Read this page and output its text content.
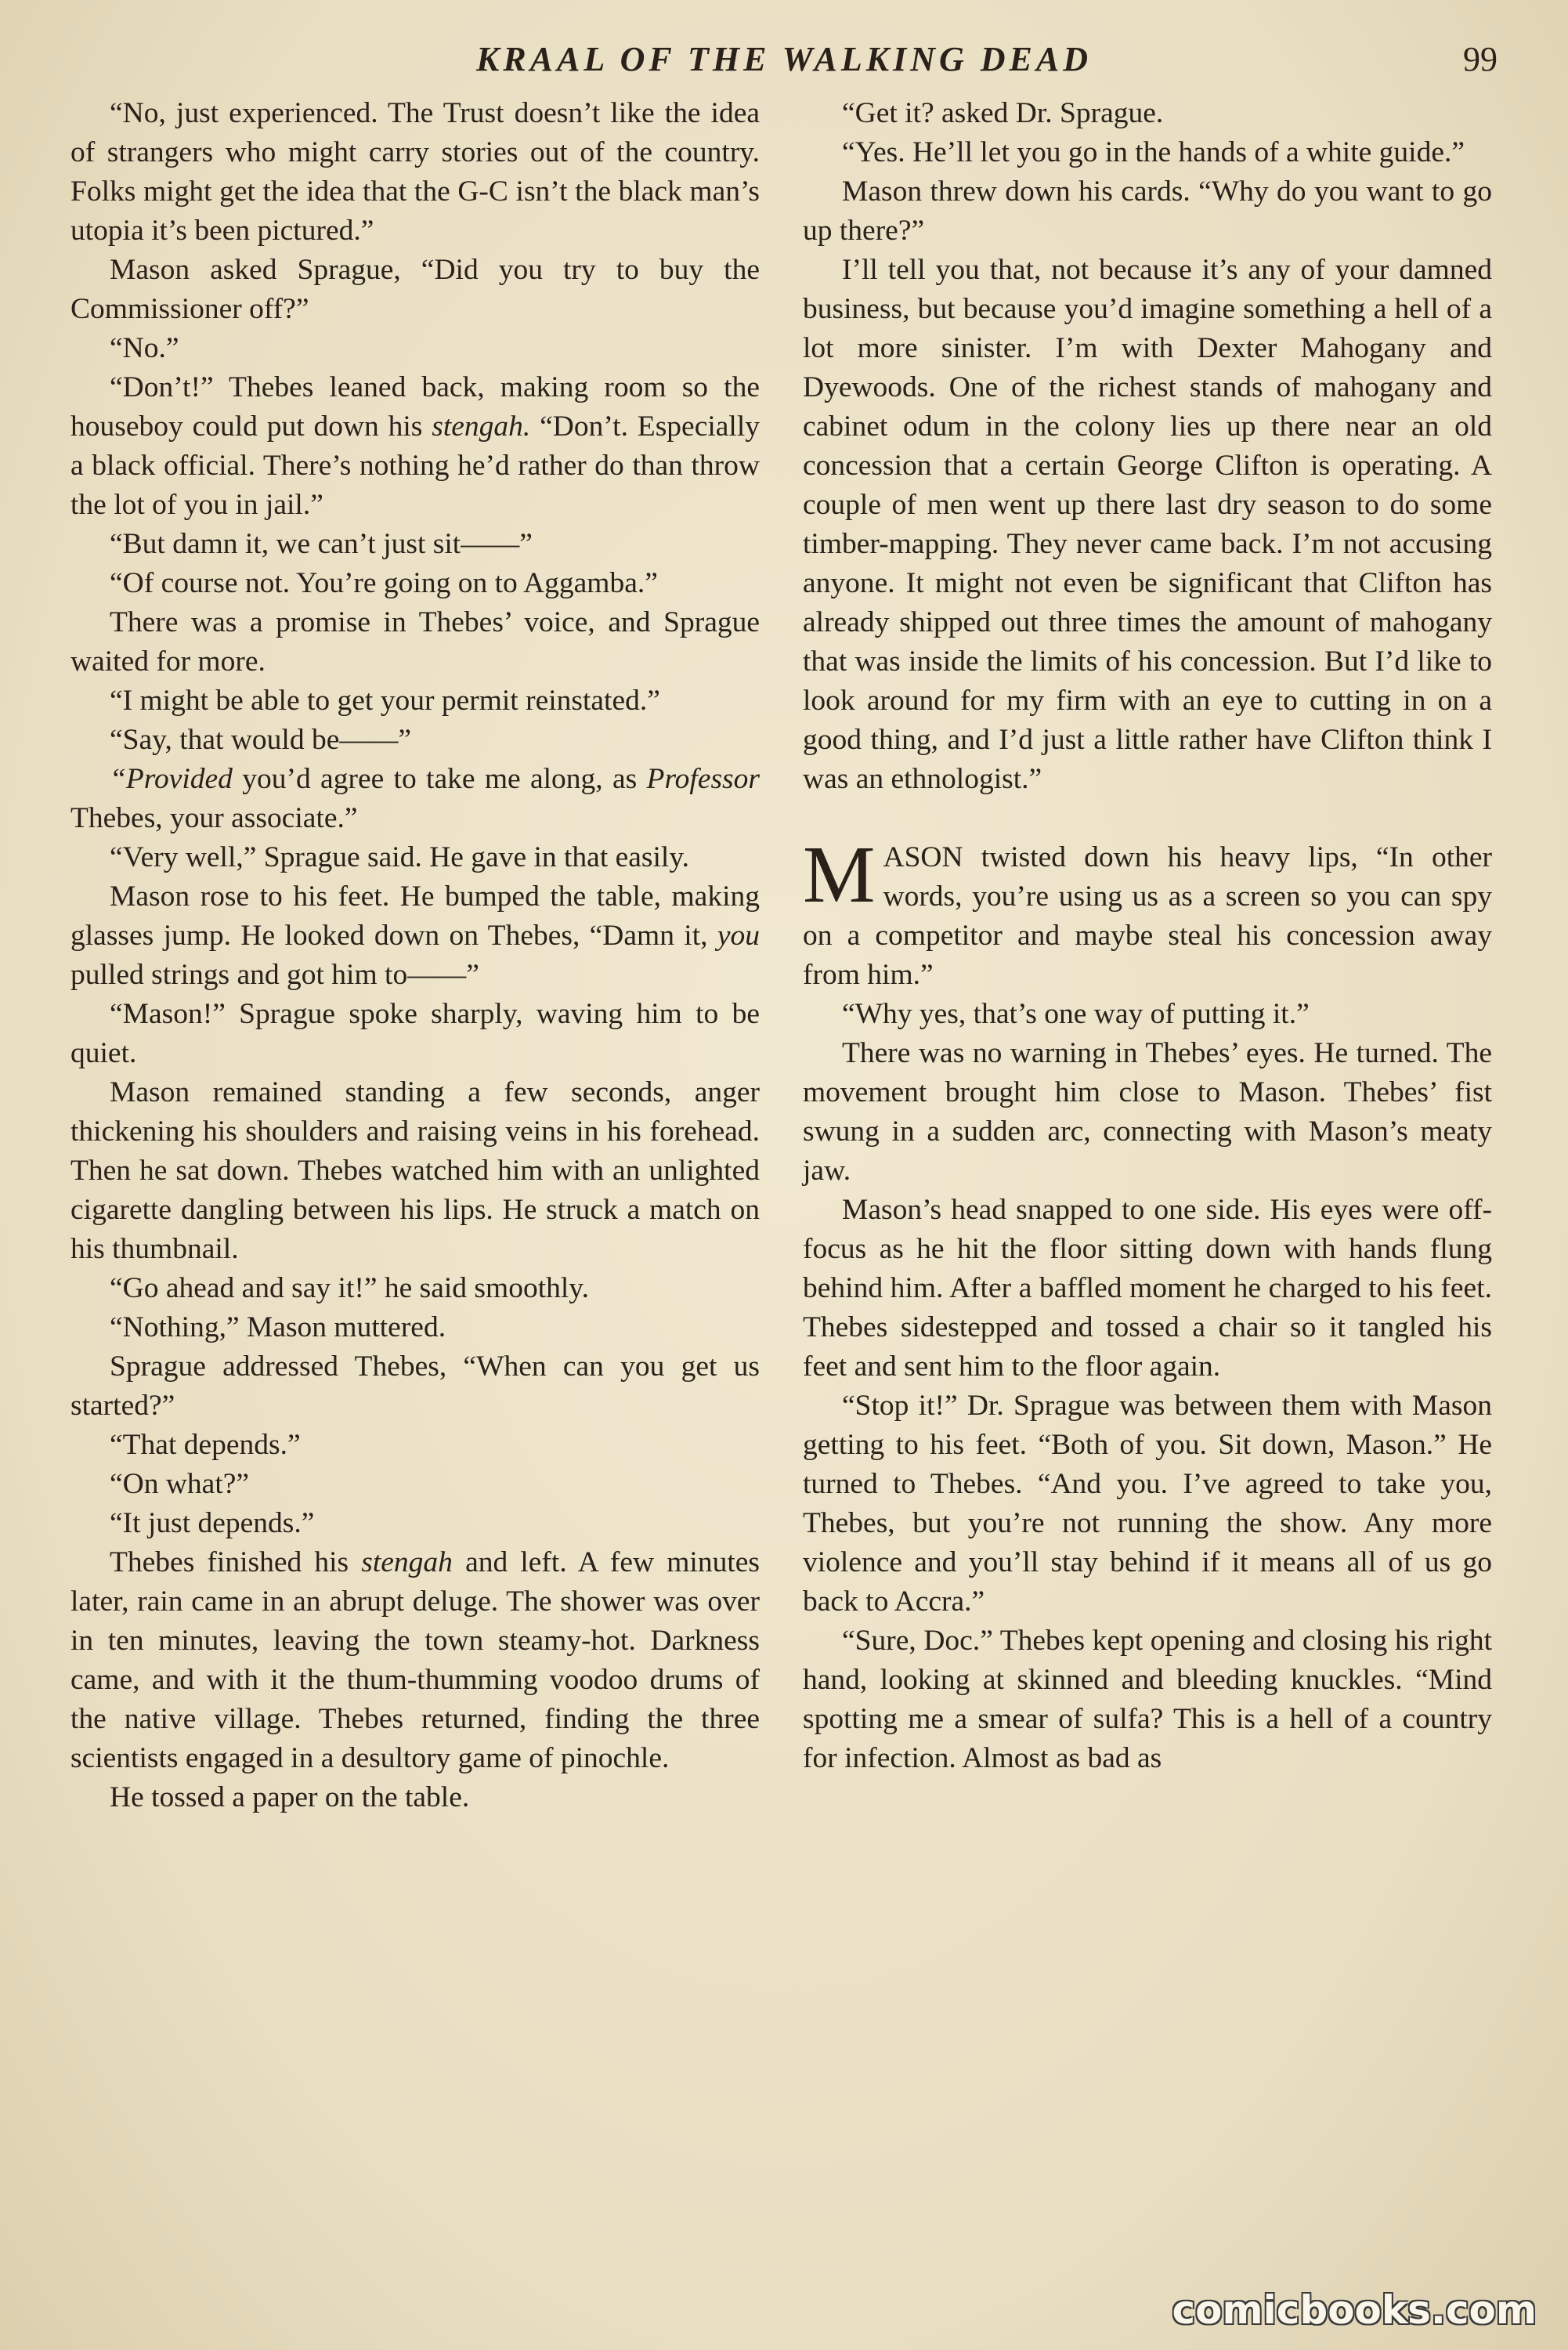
KRAAL OF THE WALKING DEAD	99

“No, just experienced. The Trust doesn’t like the idea of strangers who might carry stories out of the country. Folks might get the idea that the G-C isn’t the black man’s utopia it’s been pictured.”

Mason asked Sprague, “Did you try to buy the Commissioner off?”

“No.”

“Don’t!” Thebes leaned back, making room so the houseboy could put down his stengah. “Don’t. Especially a black official. There’s nothing he’d rather do than throw the lot of you in jail.”

“But damn it, we can’t just sit——”

“Of course not. You’re going on to Aggamba.”

There was a promise in Thebes’ voice, and Sprague waited for more.

“I might be able to get your permit reinstated.”

“Say, that would be——”

“Provided you’d agree to take me along, as Professor Thebes, your associate.”

“Very well,” Sprague said. He gave in that easily.

Mason rose to his feet. He bumped the table, making glasses jump. He looked down on Thebes, “Damn it, you pulled strings and got him to——”

“Mason!” Sprague spoke sharply, waving him to be quiet.

Mason remained standing a few seconds, anger thickening his shoulders and raising veins in his forehead. Then he sat down. Thebes watched him with an unlighted cigarette dangling between his lips. He struck a match on his thumbnail.

“Go ahead and say it!” he said smoothly.

“Nothing,” Mason muttered.

Sprague addressed Thebes, “When can you get us started?”

“That depends.”

“On what?”

“It just depends.”

Thebes finished his stengah and left. A few minutes later, rain came in an abrupt deluge. The shower was over in ten minutes, leaving the town steamy-hot. Darkness came, and with it the thum-thumming voodoo drums of the native village. Thebes returned, finding the three scientists engaged in a desultory game of pinochle.

He tossed a paper on the table.

“Get it? asked Dr. Sprague.

“Yes. He’ll let you go in the hands of a white guide.”

Mason threw down his cards. “Why do you want to go up there?”

I’ll tell you that, not because it’s any of your damned business, but because you’d imagine something a hell of a lot more sinister. I’m with Dexter Mahogany and Dyewoods. One of the richest stands of mahogany and cabinet odum in the colony lies up there near an old concession that a certain George Clifton is operating. A couple of men went up there last dry season to do some timber-mapping. They never came back. I’m not accusing anyone. It might not even be significant that Clifton has already shipped out three times the amount of mahogany that was inside the limits of his concession. But I’d like to look around for my firm with an eye to cutting in on a good thing, and I’d just a little rather have Clifton think I was an ethnologist.”

MASON twisted down his heavy lips, “In other words, you’re using us as a screen so you can spy on a competitor and maybe steal his concession away from him.”

“Why yes, that’s one way of putting it.”

There was no warning in Thebes’ eyes. He turned. The movement brought him close to Mason. Thebes’ fist swung in a sudden arc, connecting with Mason’s meaty jaw.

Mason’s head snapped to one side. His eyes were off-focus as he hit the floor sitting down with hands flung behind him. After a baffled moment he charged to his feet. Thebes sidestepped and tossed a chair so it tangled his feet and sent him to the floor again.

“Stop it!” Dr. Sprague was between them with Mason getting to his feet. “Both of you. Sit down, Mason.” He turned to Thebes. “And you. I’ve agreed to take you, Thebes, but you’re not running the show. Any more violence and you’ll stay behind if it means all of us go back to Accra.”

“Sure, Doc.” Thebes kept opening and closing his right hand, looking at skinned and bleeding knuckles. “Mind spotting me a smear of sulfa? This is a hell of a country for infection. Almost as bad as

comicbooks.com
